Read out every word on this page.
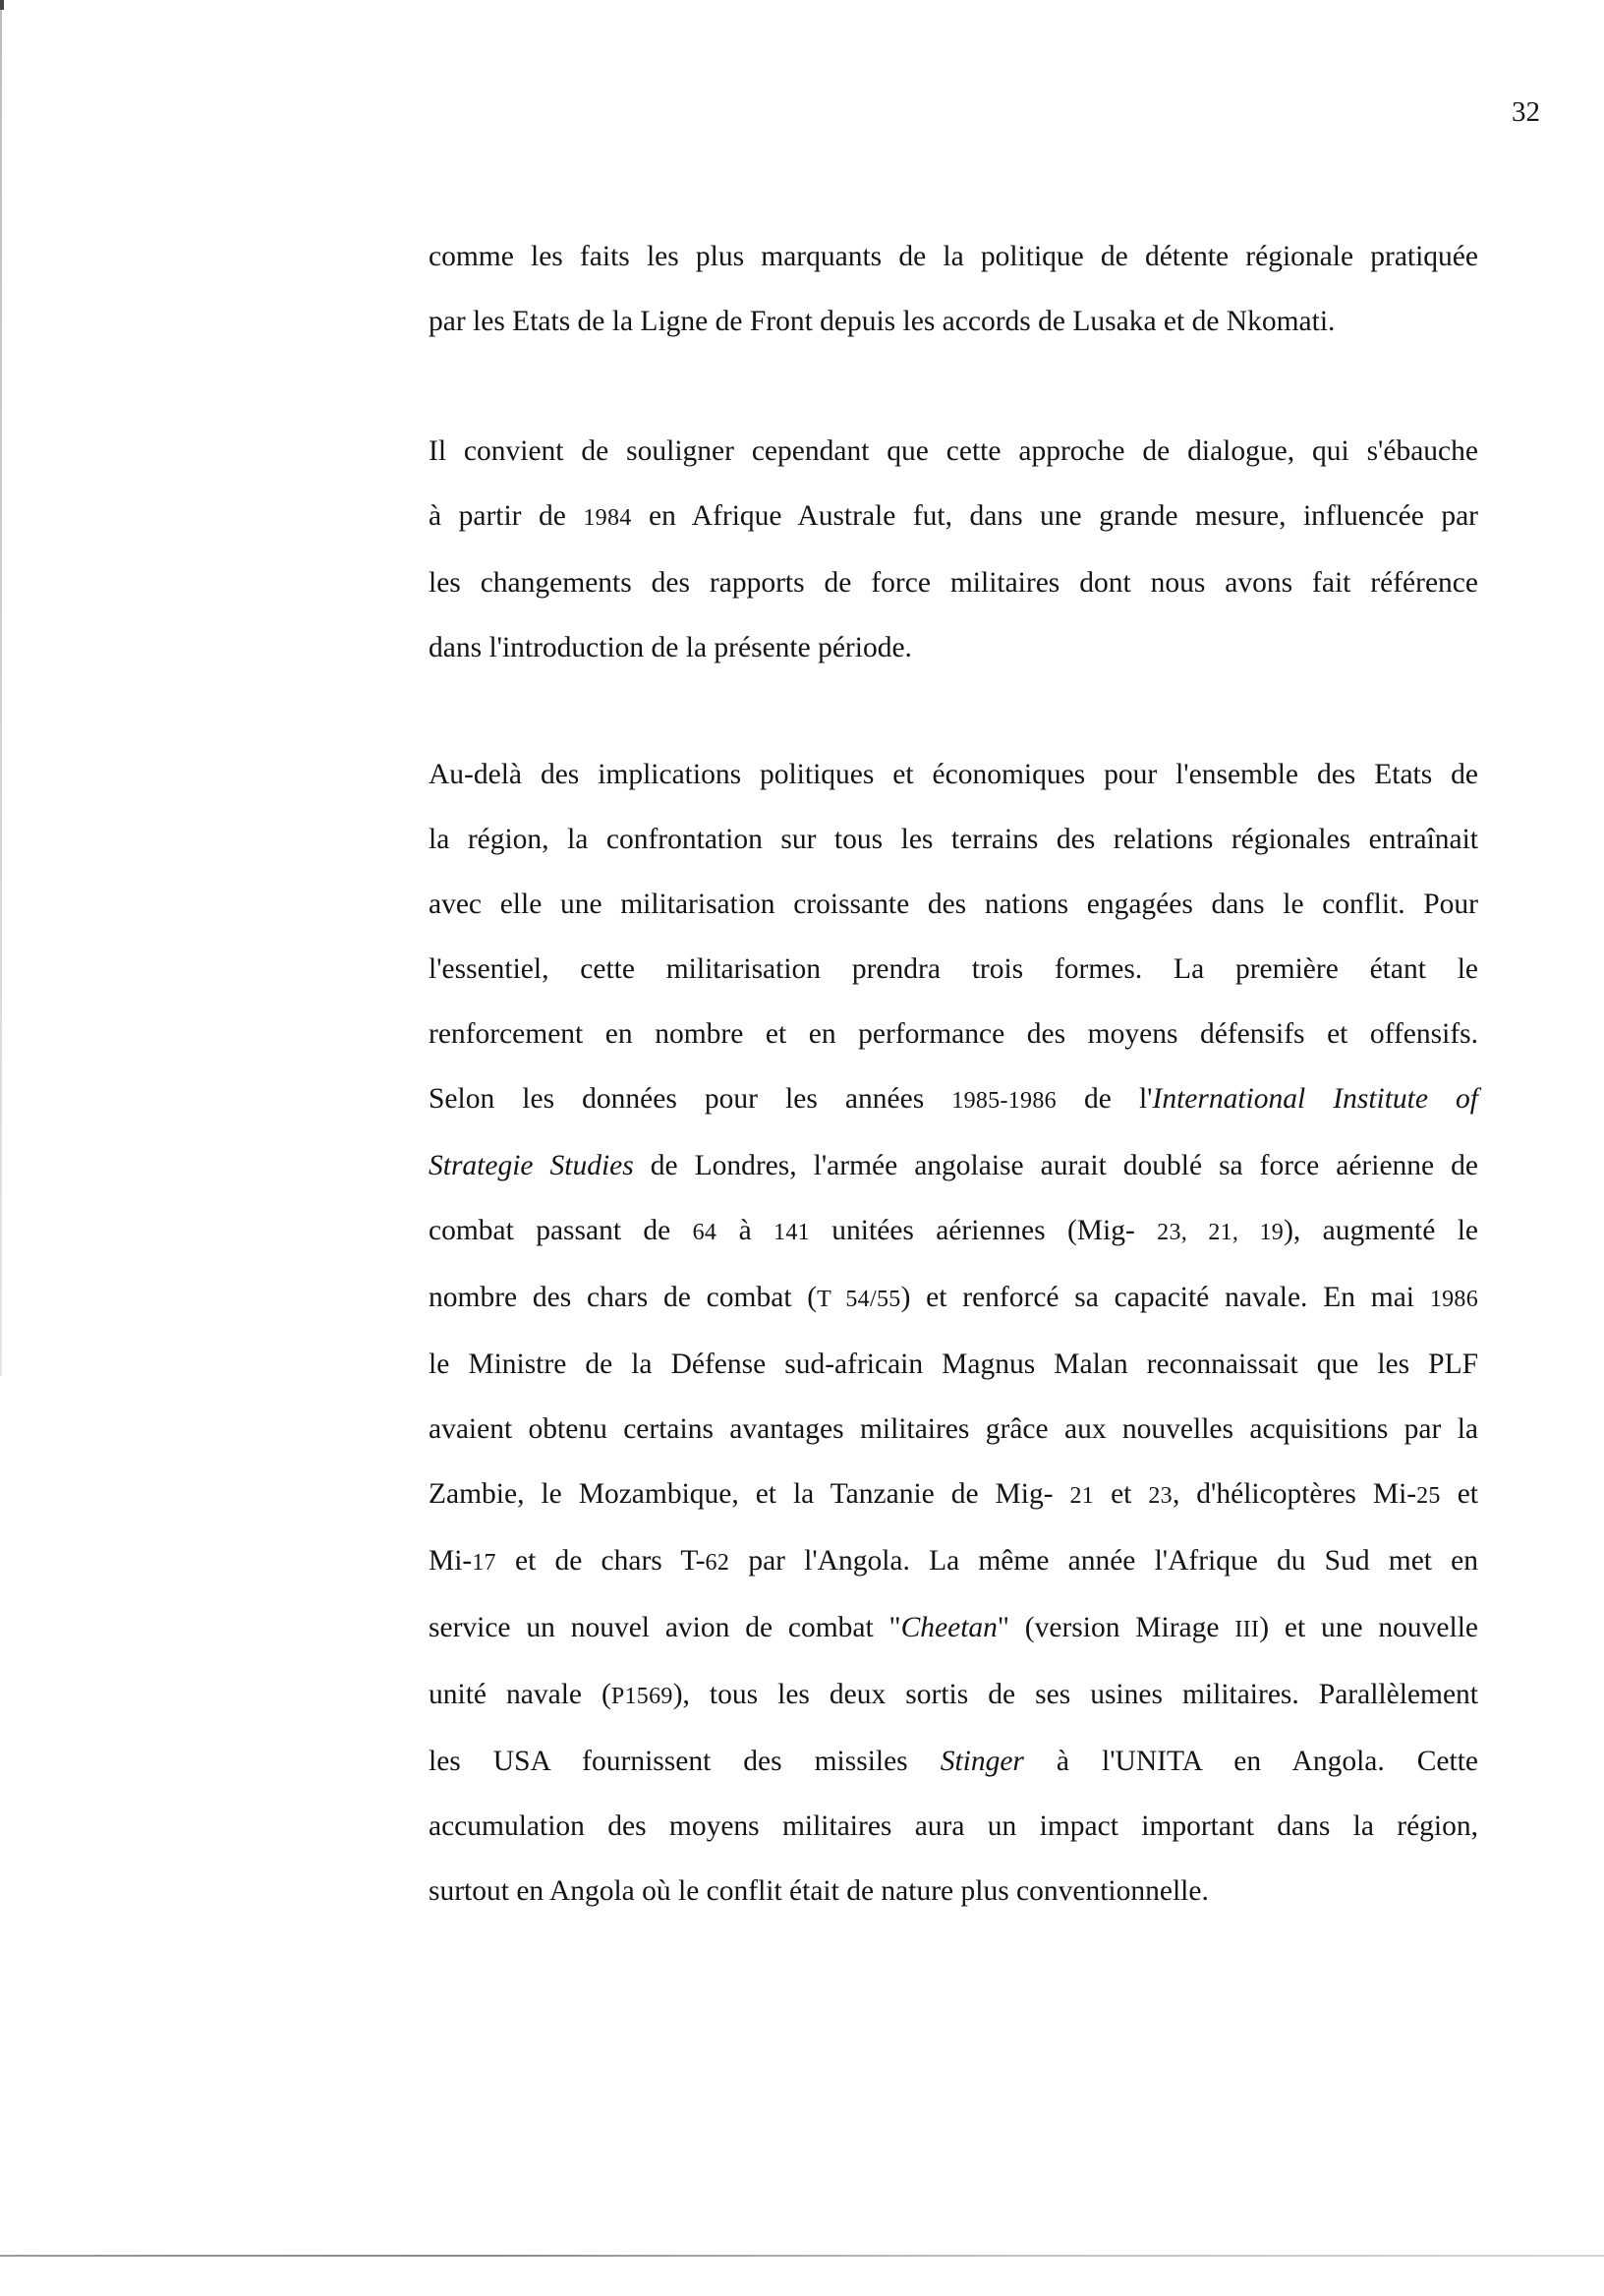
32
comme les faits les plus marquants de la politique de détente régionale pratiquée
par les Etats de la Ligne de Front depuis les accords de Lusaka et de Nkomati.
Il convient de souligner cependant que cette approche de dialogue, qui s'ébauche
à partir de 1984 en Afrique Australe fut, dans une grande mesure, influencée par
les changements des rapports de force militaires dont nous avons fait référence
dans l'introduction de la présente période.
Au-delà des implications politiques et économiques pour l'ensemble des Etats de
la région, la confrontation sur tous les terrains des relations régionales entraînait
avec elle une militarisation croissante des nations engagées dans le conflit. Pour
l'essentiel, cette militarisation prendra trois formes. La première étant le
renforcement en nombre et en performance des moyens défensifs et offensifs.
Selon les données pour les années 1985-1986 de l'International Institute of
Strategie Studies de Londres, l'armée angolaise aurait doublé sa force aérienne de
combat passant de 64 à 141 unitées aériennes (Mig- 23, 21, 19), augmenté le
nombre des chars de combat (T 54/55) et renforcé sa capacité navale. En mai 1986
le Ministre de la Défense sud-africain Magnus Malan reconnaissait que les PLF
avaient obtenu certains avantages militaires grâce aux nouvelles acquisitions par la
Zambie, le Mozambique, et la Tanzanie de Mig- 21 et 23, d'hélicoptères Mi-25 et
Mi-17 et de chars T-62 par l'Angola. La même année l'Afrique du Sud met en
service un nouvel avion de combat "Cheetan" (version Mirage III) et une nouvelle
unité navale (P1569), tous les deux sortis de ses usines militaires. Parallèlement
les USA fournissent des missiles Stinger à l'UNITA en Angola. Cette
accumulation des moyens militaires aura un impact important dans la région,
surtout en Angola où le conflit était de nature plus conventionnelle.
